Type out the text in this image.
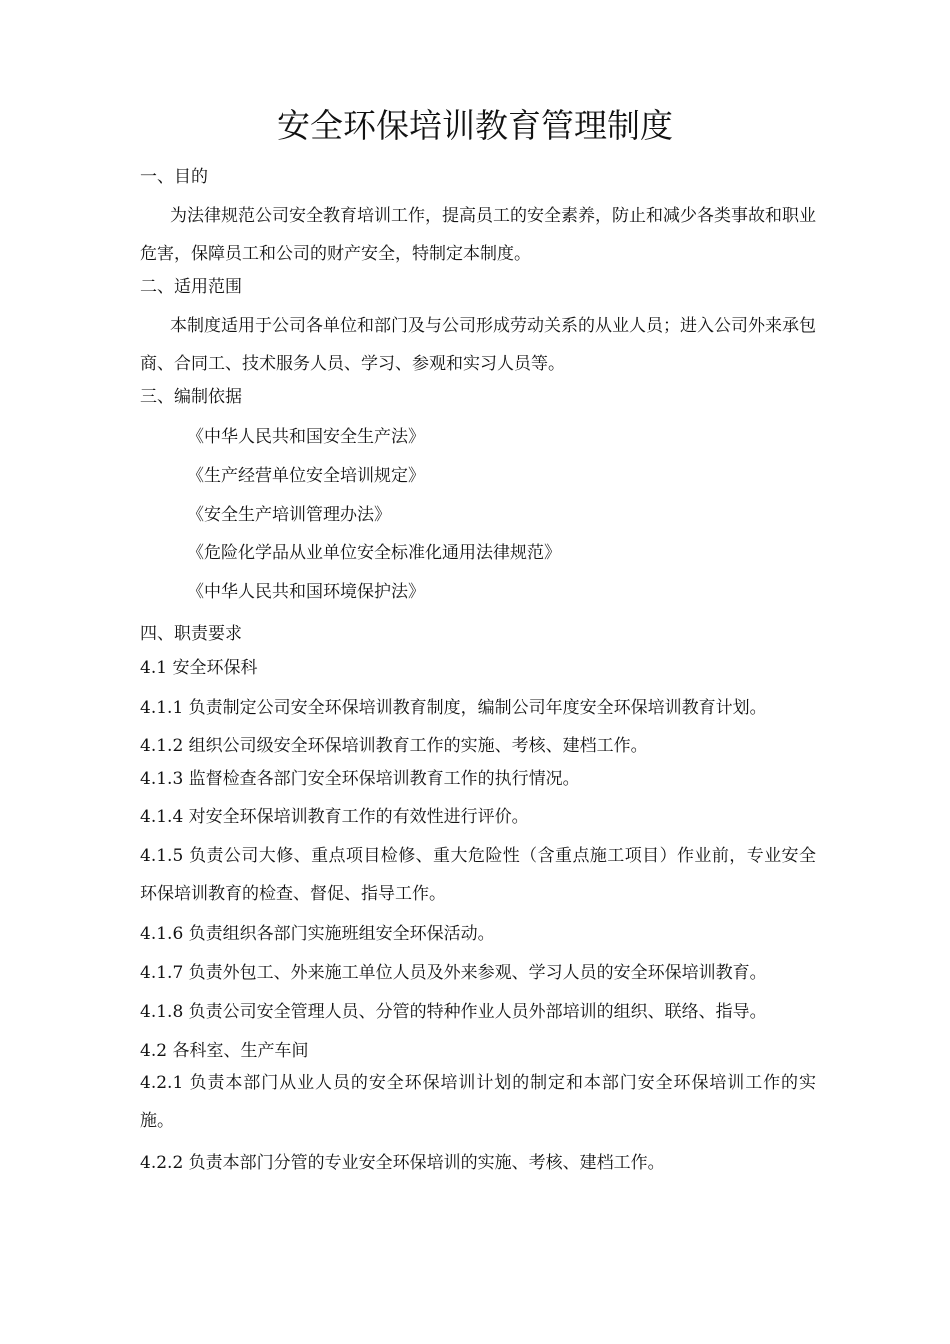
安全环保培训教育管理制度
一、目的

为法律规范公司安全教育培训工作，提高员工的安全素养，防止和减少各类事故和职业危害，保障员工和公司的财产安全，特制定本制度。

二、适用范围

本制度适用于公司各单位和部门及与公司形成劳动关系的从业人员；进入公司外来承包商、合同工、技术服务人员、学习、参观和实习人员等。

三、编制依据
《中华人民共和国安全生产法》
《生产经营单位安全培训规定》
《安全生产培训管理办法》
《危险化学品从业单位安全标准化通用法律规范》
《中华人民共和国环境保护法》
四、职责要求
4.1 安全环保科
4.1.1 负责制定公司安全环保培训教育制度，编制公司年度安全环保培训教育计划。
4.1.2 组织公司级安全环保培训教育工作的实施、考核、建档工作。
4.1.3 监督检查各部门安全环保培训教育工作的执行情况。
4.1.4 对安全环保培训教育工作的有效性进行评价。

4.1.5 负责公司大修、重点项目检修、重大危险性（含重点施工项目）作业前，专业安全环保培训教育的检查、督促、指导工作。

4.1.6 负责组织各部门实施班组安全环保活动。
4.1.7 负责外包工、外来施工单位人员及外来参观、学习人员的安全环保培训教育。
4.1.8 负责公司安全管理人员、分管的特种作业人员外部培训的组织、联络、指导。
4.2 各科室、生产车间

4.2.1 负责本部门从业人员的安全环保培训计划的制定和本部门安全环保培训工作的实施。

4.2.2 负责本部门分管的专业安全环保培训的实施、考核、建档工作。
